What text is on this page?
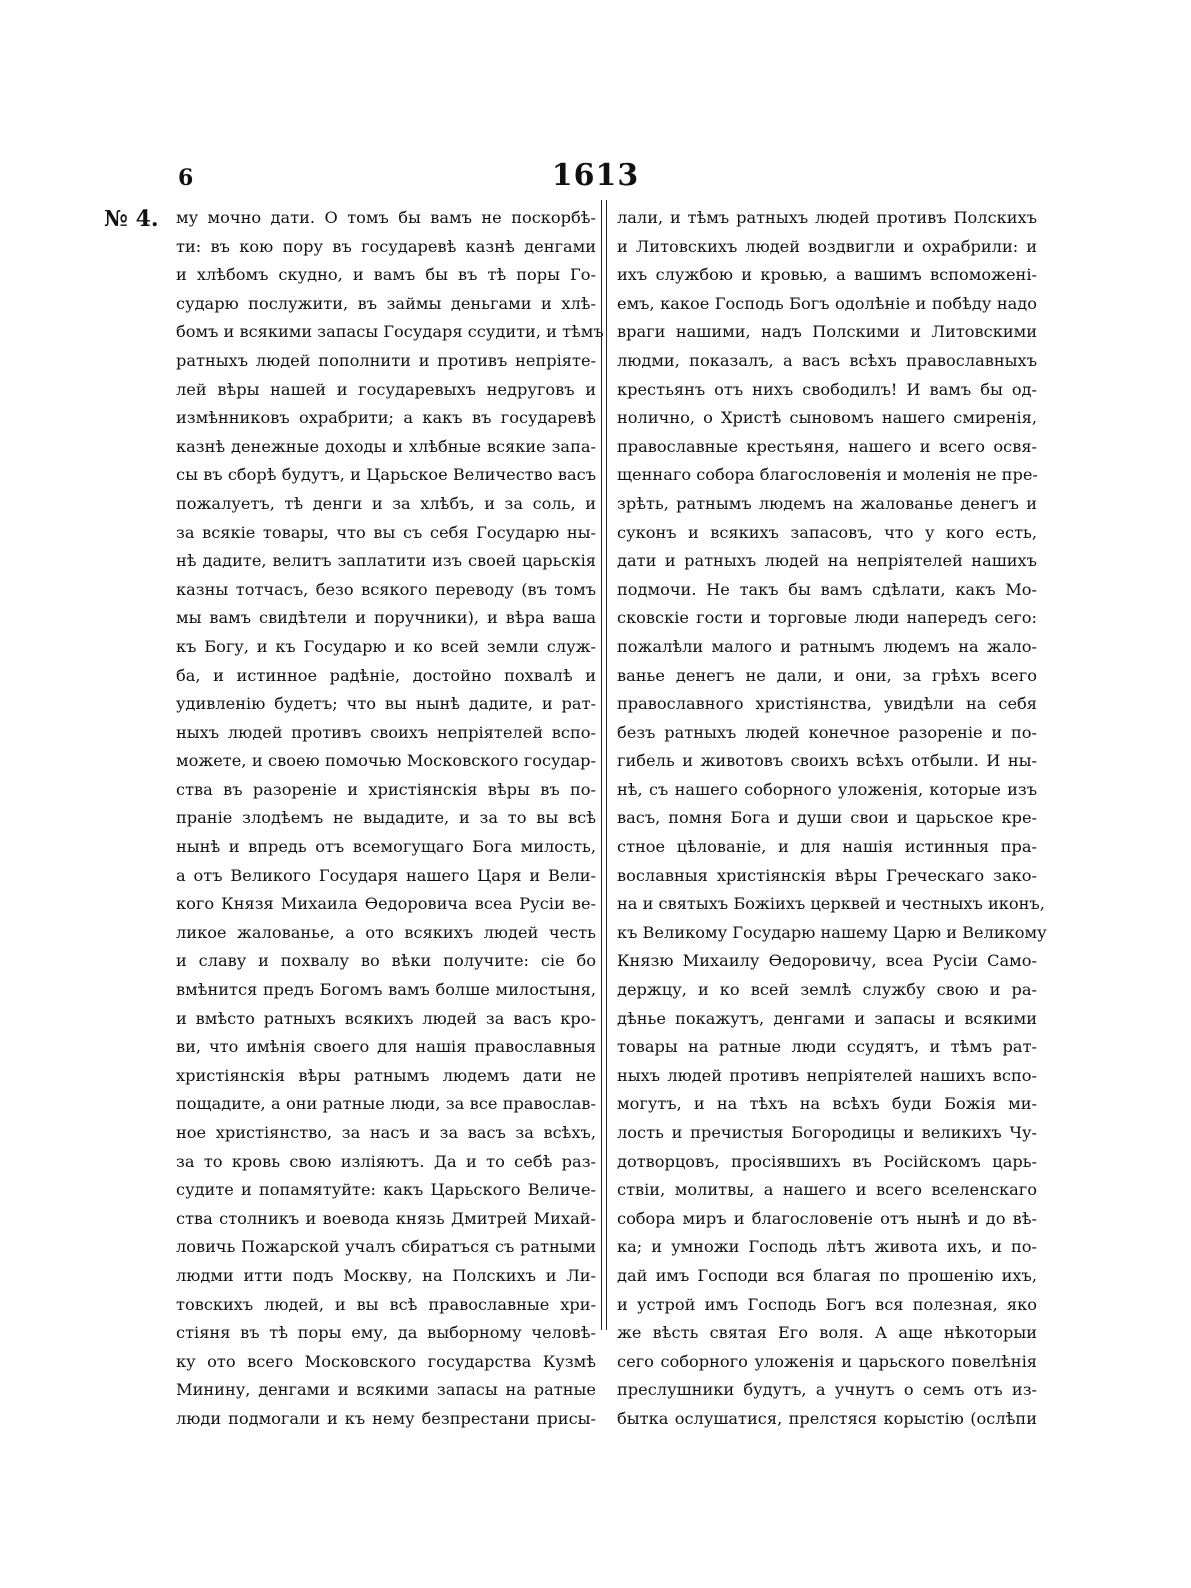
6	1613
№ 4. му мочно дати. О томъ бы вамъ не поскорбѣ-
ти: въ кою пору въ государевѣ казнѣ денгами
и хлѣбомъ скудно, и вамъ бы въ тѣ поры Го-
сударю послужити, въ займы деньгами и хлѣ-
бомъ и всякими запасы Государя ссудити, и тѣмъ
ратныхъ людей пополнити и противъ непріяте-
лей вѣры нашей и государевыхъ недруговъ и
измѣнниковъ охрабрити; а какъ въ государевѣ
казнѣ денежные доходы и хлѣбные всякие запа-
сы въ сборѣ будутъ, и Царьское Величество васъ
пожалуетъ, тѣ денги и за хлѣбъ, и за соль, и
за всякіе товары, что вы съ себя Государю ны-
нѣ дадите, велитъ заплатити изъ своей царьскія
казны тотчасъ, безо всякого переводу (въ томъ
мы вамъ свидѣтели и поручники), и вѣра ваша
къ Богу, и къ Государю и ко всей земли служ-
ба, и истинное радѣніе, достойно похвалѣ и
удивленію будетъ; что вы нынѣ дадите, и рат-
ныхъ людей противъ своихъ непріятелей вспо-
можете, и своею помочью Московского государ-
ства въ разореніе и христіянскія вѣры въ по-
праніе злодѣемъ не выдадите, и за то вы всѣ
нынѣ и впредь отъ всемогущаго Бога милость,
а отъ Великого Государя нашего Царя и Вели-
кого Князя Михаила Ѳедоровича всеа Русіи ве-
ликое жалованье, а ото всякихъ людей честь
и славу и похвалу во вѣки получите: сіе бо
вмѣнится предъ Богомъ вамъ болше милостыня,
и вмѣсто ратныхъ всякихъ людей за васъ кро-
ви, что имѣнія своего для нашія православныя
христіянскія вѣры ратнымъ людемъ дати не
пощадите, а они ратные люди, за все православ-
ное христіянство, за насъ и за васъ за всѣхъ,
за то кровь свою изліяютъ. Да и то себѣ раз-
судите и попамятуйте: какъ Царьского Величе-
ства столникъ и воевода князь Дмитрей Михай-
ловичь Пожарской учалъ сбиратъся съ ратными
людми итти подъ Москву, на Полскихъ и Ли-
товскихъ людей, и вы всѣ православные хри-
стіяня въ тѣ поры ему, да выборному человѣ-
ку ото всего Московского государства Кузмѣ
Минину, денгами и всякими запасы на ратные
люди подмогали и къ нему безпрестани присы-
лали, и тѣмъ ратныхъ людей противъ Полскихъ
и Литовскихъ людей воздвигли и охрабрили: и
ихъ службою и кровью, а вашимъ вспоможені-
емъ, какое Господь Богъ одолѣніе и побѣду надо
враги нашими, надъ Полскими и Литовскими
людми, показалъ, а васъ всѣхъ православныхъ
крестьянъ отъ нихъ свободилъ! И вамъ бы од-
нолично, о Христѣ сыновомъ нашего смиренія,
православные крестьяня, нашего и всего освя-
щеннаго собора благословенія и моленія не пре-
зрѣть, ратнымъ людемъ на жалованье денегъ и
суконъ и всякихъ запасовъ, что у кого есть,
дати и ратныхъ людей на непріятелей нашихъ
подмочи. Не такъ бы вамъ сдѣлати, какъ Мо-
сковскіе гости и торговые люди напередъ сего:
пожалѣли малого и ратнымъ людемъ на жало-
ванье денегъ не дали, и они, за грѣхъ всего
православного христіянства, увидѣли на себя
безъ ратныхъ людей конечное разореніе и по-
гибель и животовъ своихъ всѣхъ отбыли. И ны-
нѣ, съ нашего соборного уложенія, которые изъ
васъ, помня Бога и души свои и царьское кре-
стное цѣлованіе, и для нашія истинныя пра-
вославныя христіянскія вѣры Греческаго зако-
на и святыхъ Божіихъ церквей и честныхъ иконъ,
къ Великому Государю нашему Царю и Великому
Князю Михаилу Ѳедоровичу, всеа Русіи Само-
держцу, и ко всей землѣ службу свою и ра-
дѣнье покажутъ, денгами и запасы и всякими
товары на ратные люди ссудятъ, и тѣмъ рат-
ныхъ людей противъ непріятелей нашихъ вспо-
могутъ, и на тѣхъ на всѣхъ буди Божія ми-
лость и пречистыя Богородицы и великихъ Чу-
дотворцовъ, просіявшихъ въ Російскомъ царь-
ствіи, молитвы, а нашего и всего вселенскаго
собора миръ и благословеніе отъ нынѣ и до вѣ-
ка; и умножи Господь лѣтъ живота ихъ, и по-
дай имъ Господи вся благая по прошенію ихъ,
и устрой имъ Господь Богъ вся полезная, яко
же вѣсть святая Его воля. А аще нѣкоторыи
сего соборного уложенія и царьского повелѣнія
преслушники будутъ, а учнутъ о семъ отъ из-
бытка ослушатися, прелстяся корыстію (ослѣпи
